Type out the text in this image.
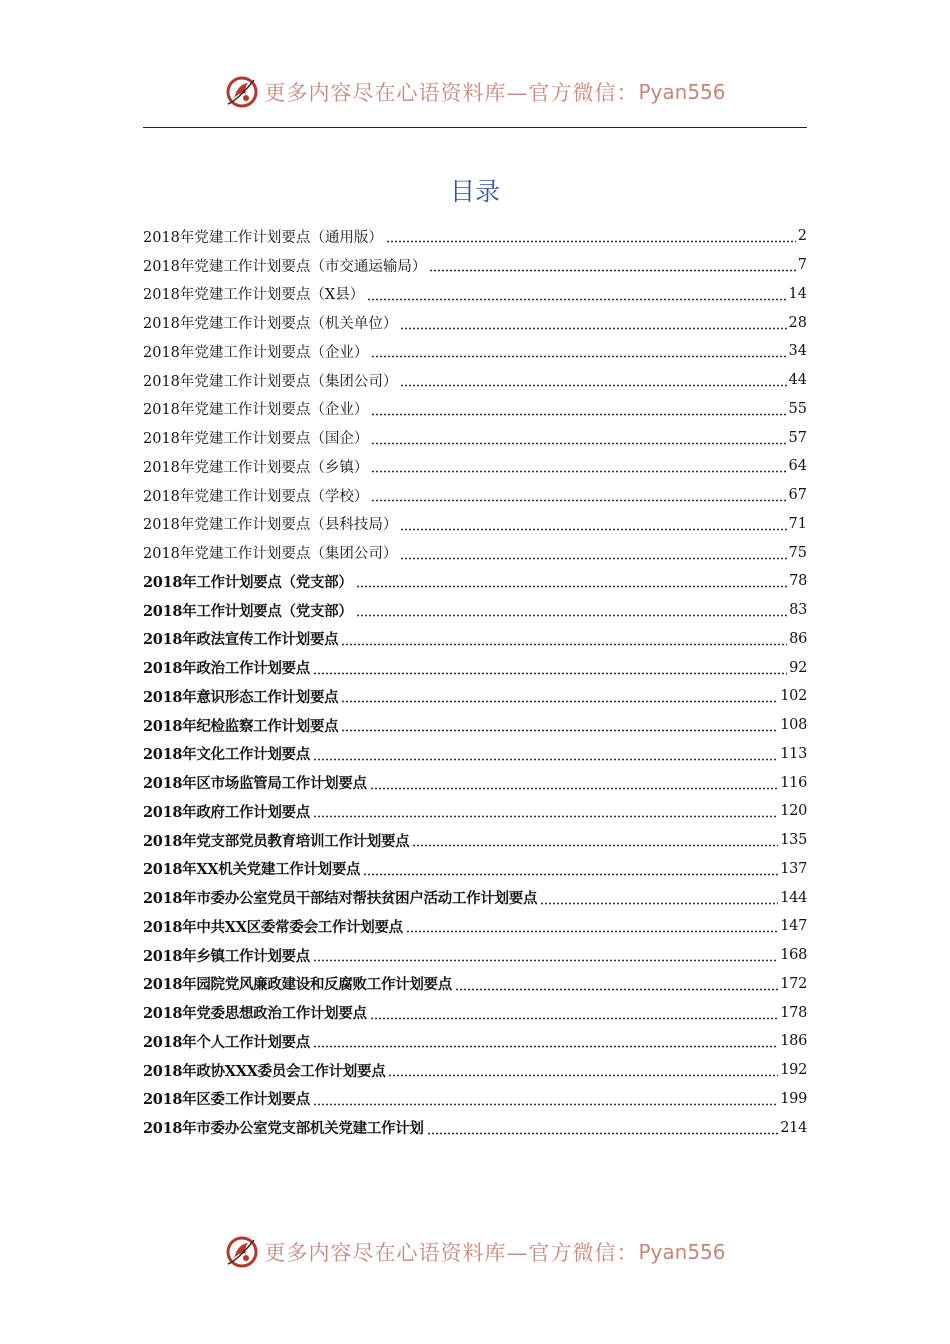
更多内容尽在心语资料库—官方微信： Pyan556
目录
2018年党建工作计划要点（通用版）	2
2018年党建工作计划要点（市交通运输局）	7
2018年党建工作计划要点（X县）	14
2018年党建工作计划要点（机关单位）	28
2018年党建工作计划要点（企业）	34
2018年党建工作计划要点（集团公司）	44
2018年党建工作计划要点（企业）	55
2018年党建工作计划要点（国企）	57
2018年党建工作计划要点（乡镇）	64
2018年党建工作计划要点（学校）	67
2018年党建工作计划要点（县科技局）	71
2018年党建工作计划要点（集团公司）	75
2018年工作计划要点（党支部）	78
2018年工作计划要点（党支部）	83
2018年政法宣传工作计划要点	86
2018年政治工作计划要点	92
2018年意识形态工作计划要点	102
2018年纪检监察工作计划要点	108
2018年文化工作计划要点	113
2018年区市场监管局工作计划要点	116
2018年政府工作计划要点	120
2018年党支部党员教育培训工作计划要点	135
2018年XX机关党建工作计划要点	137
2018年市委办公室党员干部结对帮扶贫困户活动工作计划要点	144
2018年中共XX区委常委会工作计划要点	147
2018年乡镇工作计划要点	168
2018年园院党风廉政建设和反腐败工作计划要点	172
2018年党委思想政治工作计划要点	178
2018年个人工作计划要点	186
2018年政协XXX委员会工作计划要点	192
2018年区委工作计划要点	199
2018年市委办公室党支部机关党建工作计划	214
更多内容尽在心语资料库—官方微信： Pyan556
